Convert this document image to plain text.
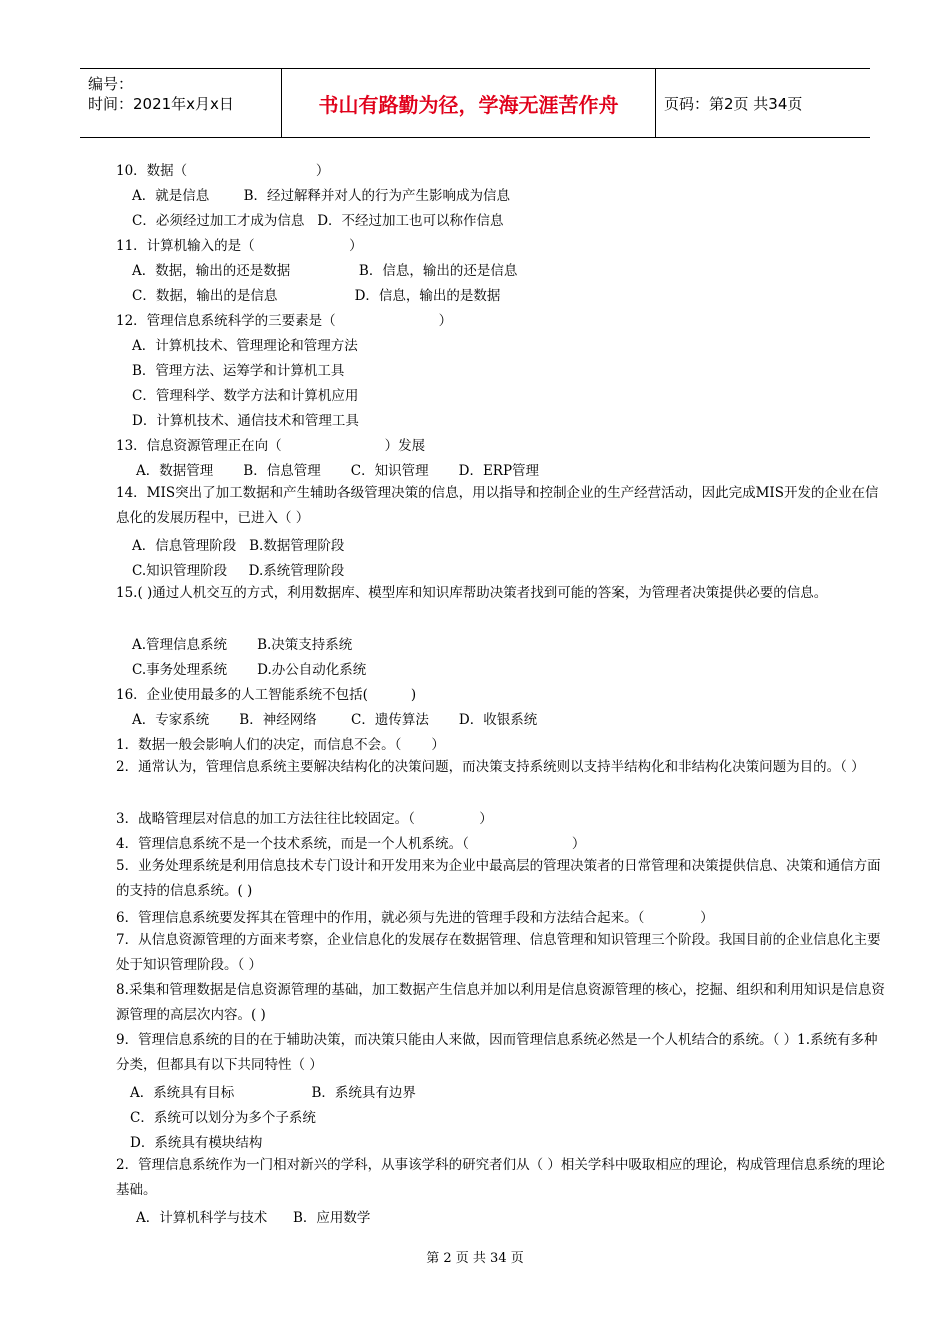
编号：
时间：2021年x月x日	书山有路勤为径，学海无涯苦作舟	页码：第2页 共34页
10．数据（                              ）
A．就是信息        B．经过解释并对人的行为产生影响成为信息
C．必须经过加工才成为信息   D．不经过加工也可以称作信息
11．计算机输入的是（                      ）
A．数据，输出的还是数据                B．信息，输出的还是信息
C．数据，输出的是信息                  D．信息，输出的是数据
12．管理信息系统科学的三要素是（                        ）
A．计算机技术、管理理论和管理方法
B．管理方法、运筹学和计算机工具
C．管理科学、数学方法和计算机应用
D．计算机技术、通信技术和管理工具
13．信息资源管理正在向（                        ）发展
A．数据管理       B．信息管理       C．知识管理       D．ERP管理
14．MIS突出了加工数据和产生辅助各级管理决策的信息，用以指导和控制企业的生产经营活动，因此完成MIS开发的企业在信息化的发展历程中，已进入（ ）
A．信息管理阶段   B.数据管理阶段
C.知识管理阶段     D.系统管理阶段
15.( )通过人机交互的方式，利用数据库、模型库和知识库帮助决策者找到可能的答案，为管理者决策提供必要的信息。
A.管理信息系统       B.决策支持系统
C.事务处理系统       D.办公自动化系统
16．企业使用最多的人工智能系统不包括(          )
A．专家系统       B．神经网络        C．遗传算法       D．收银系统
1．数据一般会影响人们的决定，而信息不会。（       ）
2．通常认为，管理信息系统主要解决结构化的决策问题，而决策支持系统则以支持半结构化和非结构化决策问题为目的。（ ）
3．战略管理层对信息的加工方法往往比较固定。（               ）
4．管理信息系统不是一个技术系统，而是一个人机系统。（                        ）
5．业务处理系统是利用信息技术专门设计和开发用来为企业中最高层的管理决策者的日常管理和决策提供信息、决策和通信方面的支持的信息系统。( )
6．管理信息系统要发挥其在管理中的作用，就必须与先进的管理手段和方法结合起来。（             ）
7．从信息资源管理的方面来考察，企业信息化的发展存在数据管理、信息管理和知识管理三个阶段。我国目前的企业信息化主要处于知识管理阶段。（ ）
8.采集和管理数据是信息资源管理的基础，加工数据产生信息并加以利用是信息资源管理的核心，挖掘、组织和利用知识是信息资源管理的高层次内容。( )
9．管理信息系统的目的在于辅助决策，而决策只能由人来做，因而管理信息系统必然是一个人机结合的系统。（ ）1.系统有多种分类，但都具有以下共同特性（ ）
A．系统具有目标                  B．系统具有边界
C．系统可以划分为多个子系统
D．系统具有模块结构
2．管理信息系统作为一门相对新兴的学科，从事该学科的研究者们从（ ）相关学科中吸取相应的理论，构成管理信息系统的理论基础。
A．计算机科学与技术      B．应用数学
第 2 页 共 34 页
